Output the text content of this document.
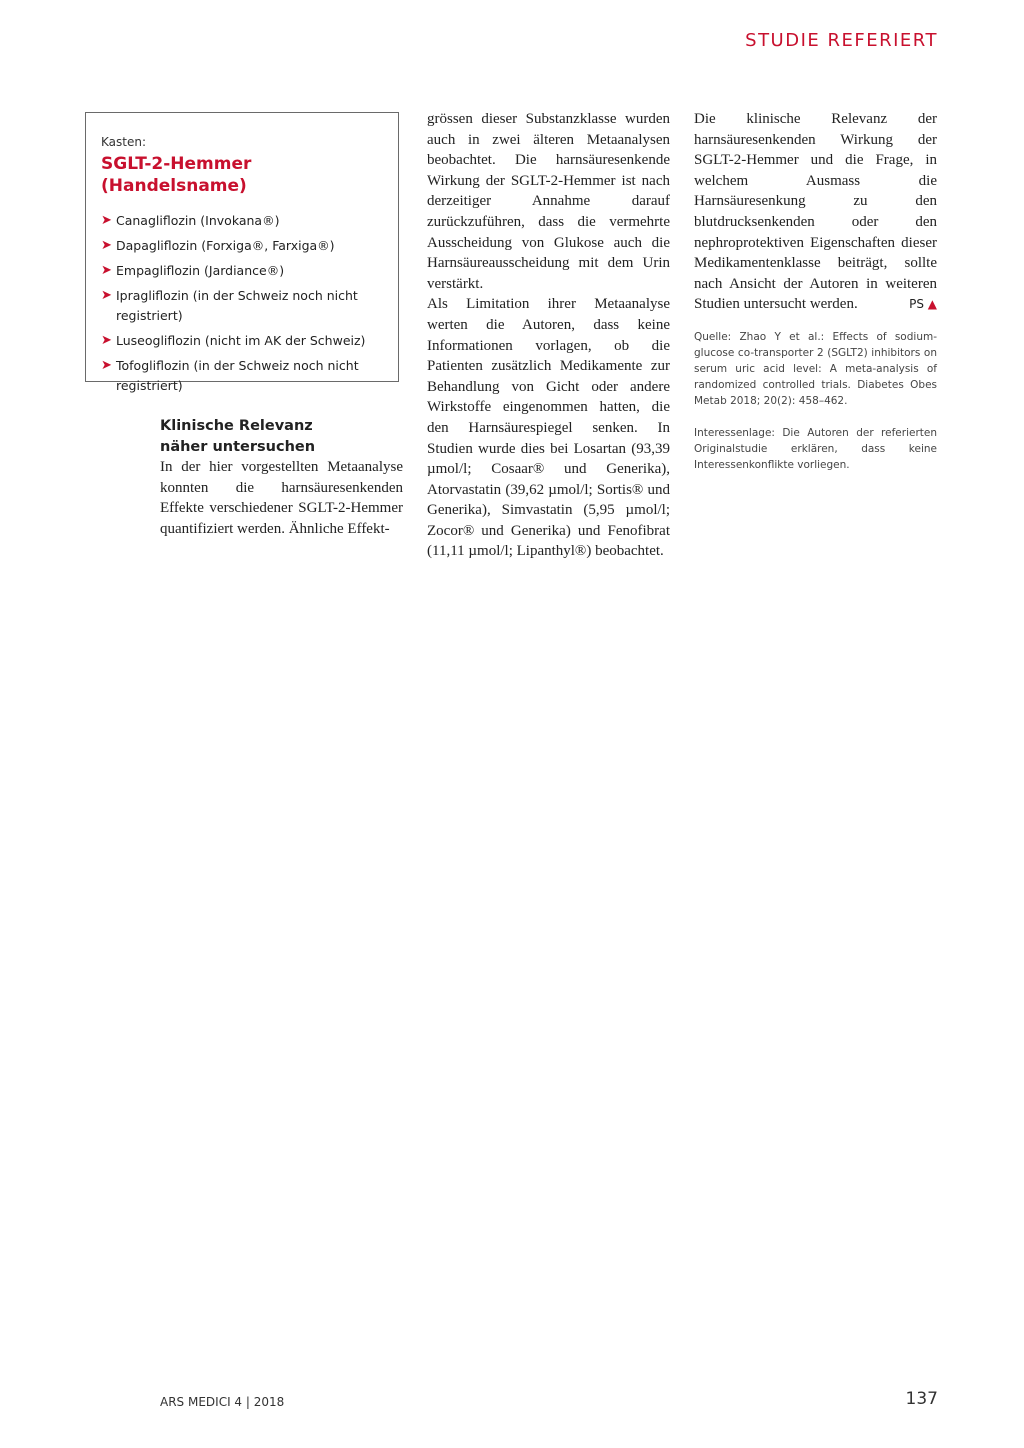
STUDIE REFERIERT

Kasten:

SGLT-2-Hemmer (Handelsname)

➤ Canagliflozin (Invokana®)
➤ Dapagliflozin (Forxiga®, Farxiga®)
➤ Empagliflozin (Jardiance®)
➤ Ipragliflozin (in der Schweiz noch nicht registriert)
➤ Luseogliflozin (nicht im AK der Schweiz)
➤ Tofogliflozin (in der Schweiz noch nicht registriert)

Klinische Relevanz

näher untersuchen

In der hier vorgestellten Metaanalyse konnten die harnsäuresenkenden Effekte verschiedener SGLT-2-Hemmer quantifiziert werden. Ähnliche Effekt-

grössen dieser Substanzklasse wurden auch in zwei älteren Metaanalysen beobachtet. Die harnsäuresenkende Wirkung der SGLT-2-Hemmer ist nach derzeitiger Annahme darauf zurückzuführen, dass die vermehrte Ausscheidung von Glukose auch die Harnsäureausscheidung mit dem Urin verstärkt.

Als Limitation ihrer Metaanalyse werten die Autoren, dass keine Informationen vorlagen, ob die Patienten zusätzlich Medikamente zur Behandlung von Gicht oder andere Wirkstoffe eingenommen hatten, die den Harnsäurespiegel senken. In Studien wurde dies bei Losartan (93,39 µmol/l; Cosaar® und Generika), Atorvastatin (39,62 µmol/l; Sortis® und Generika), Simvastatin (5,95 µmol/l; Zocor® und Generika) und Fenofibrat (11,11 µmol/l; Lipanthyl®) beobachtet.

Die klinische Relevanz der harnsäuresenkenden Wirkung der SGLT-2-Hemmer und die Frage, in welchem Ausmass die Harnsäuresenkung zu den blutdrucksenkenden oder den nephroprotektiven Eigenschaften dieser Medikamentenklasse beiträgt, sollte nach Ansicht der Autoren in weiteren Studien untersucht werden.	PS ▲

Quelle: Zhao Y et al.: Effects of sodium-glucose co-transporter 2 (SGLT2) inhibitors on serum uric acid level: A meta-analysis of randomized controlled trials. Diabetes Obes Metab 2018; 20(2): 458–462.

Interessenlage: Die Autoren der referierten Originalstudie erklären, dass keine Interessenkonflikte vorliegen.

ARS MEDICI 4 | 2018	137
